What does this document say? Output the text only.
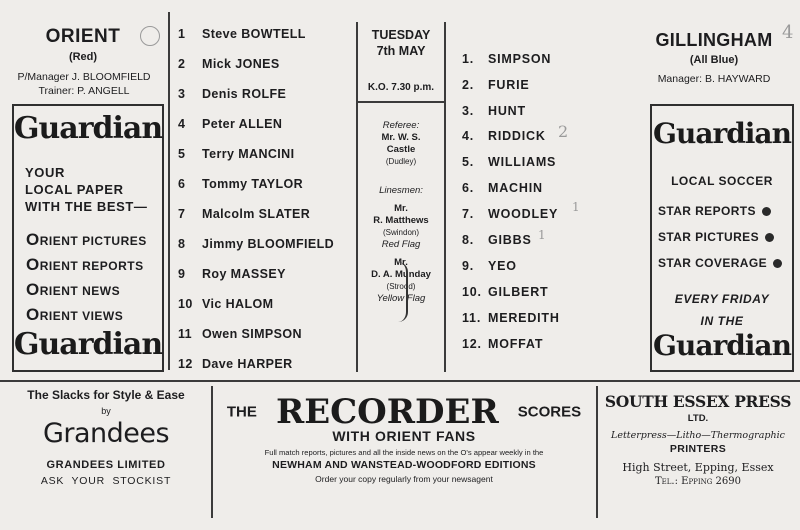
ORIENT
(Red)
P/Manager J. BLOOMFIELD
Trainer: P. ANGELL
Guardian
YOUR
LOCAL PAPER
WITH THE BEST—
ORIENT PICTURES
ORIENT REPORTS
ORIENT NEWS
ORIENT VIEWS
Guardian
1 Steve BOWTELL
2 Mick JONES
3 Denis ROLFE
4 Peter ALLEN
5 Terry MANCINI
6 Tommy TAYLOR
7 Malcolm SLATER
8 Jimmy BLOOMFIELD
9 Roy MASSEY
10 Vic HALOM
11 Owen SIMPSON
12 Dave HARPER
TUESDAY
7th MAY
K.O. 7.30 p.m.
Referee:
Mr. W. S.
Castle
(Dudley)
Linesmen:
Mr.
R. Matthews
(Swindon)
Red Flag
Mr.
D. A. Munday
(Strood)
Yellow Flag
1. SIMPSON
2. FURIE
3. HUNT
4. RIDDICK
5. WILLIAMS
6. MACHIN
7. WOODLEY
8. GIBBS
9. YEO
10. GILBERT
11. MEREDITH
12. MOFFAT
2
1
1
4
GILLINGHAM
(All Blue)
Manager: B. HAYWARD
Guardian
LOCAL SOCCER
STAR REPORTS
STAR PICTURES
STAR COVERAGE
EVERY FRIDAY
IN THE
Guardian
The Slacks for Style & Ease
by
Grandees
GRANDEES LIMITED
ASK  YOUR  STOCKIST
THE RECORDER SCORES
WITH ORIENT FANS
Full match reports, pictures and all the inside news on the O's appear weekly in the
NEWHAM AND WANSTEAD-WOODFORD EDITIONS
Order your copy regularly from your newsagent
SOUTH ESSEX PRESS
LTD.
Letterpress—Litho—Thermographic
PRINTERS
High Street, Epping, Essex
Tel.: Epping 2690
